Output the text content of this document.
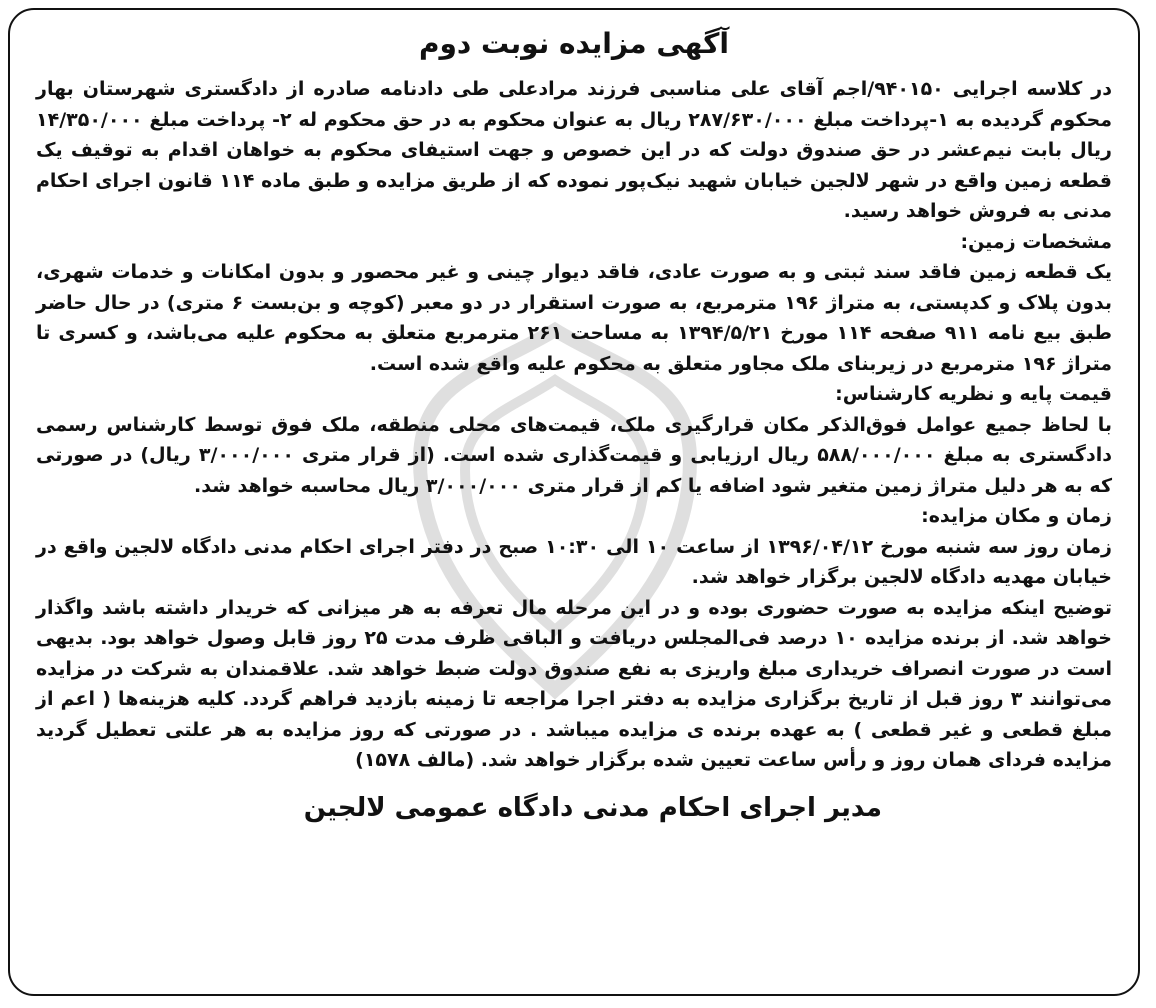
آگهی مزایده نوبت دوم

در کلاسه اجرایی ۹۴۰۱۵۰/اجم آقای علی مناسبی فرزند مرادعلی طی دادنامه صادره از دادگستری شهرستان بهار محکوم گردیده به ۱-پرداخت مبلغ ۲۸۷/۶۳۰/۰۰۰ ریال به عنوان محکوم به در حق محکوم له ۲- پرداخت مبلغ ۱۴/۳۵۰/۰۰۰ ریال بابت نیم‌عشر در حق صندوق دولت که در این خصوص و جهت استیفای محکوم به خواهان اقدام به توقیف یک قطعه زمین واقع در شهر لالجین خیابان شهید نیک‌پور نموده که از طریق مزایده و طبق ماده ۱۱۴ قانون اجرای احکام مدنی به فروش خواهد رسید.

مشخصات زمین:

یک قطعه زمین فاقد سند ثبتی و به صورت عادی، فاقد دیوار چینی و غیر محصور و بدون امکانات و خدمات شهری، بدون پلاک و کدپستی، به متراژ ۱۹۶ مترمربع، به صورت استقرار در دو معبر (کوچه و بن‌بست ۶ متری) در حال حاضر طبق بیع نامه ۹۱۱ صفحه ۱۱۴ مورخ ۱۳۹۴/۵/۲۱ به مساحت ۲۶۱ مترمربع متعلق به محکوم علیه می‌باشد، و کسری تا متراژ ۱۹۶ مترمربع در زیربنای ملک مجاور متعلق به محکوم علیه واقع شده است.

قیمت پایه و نظریه کارشناس:

با لحاظ جمیع عوامل فوق‌الذکر مکان قرارگیری ملک، قیمت‌های محلی منطقه، ملک فوق توسط کارشناس رسمی دادگستری به مبلغ ۵۸۸/۰۰۰/۰۰۰ ریال ارزیابی و قیمت‌گذاری شده است. (از قرار متری ۳/۰۰۰/۰۰۰ ریال) در صورتی که به هر دلیل متراژ زمین متغیر شود اضافه یا کم از قرار متری ۳/۰۰۰/۰۰۰ ریال محاسبه خواهد شد.

زمان و مکان مزایده:

زمان روز سه شنبه مورخ ۱۳۹۶/۰۴/۱۲ از ساعت ۱۰ الی ۱۰:۳۰ صبح در دفتر اجرای احکام مدنی دادگاه لالجین واقع در خیابان مهدیه دادگاه لالجین برگزار خواهد شد.

توضیح اینکه مزایده به صورت حضوری بوده و در این مرحله مال تعرفه به هر میزانی که خریدار داشته باشد واگذار خواهد شد. از برنده مزایده ۱۰ درصد فی‌المجلس دریافت و الباقی ظرف مدت ۲۵ روز قابل وصول خواهد بود. بدیهی است در صورت انصراف خریداری مبلغ واریزی به نفع صندوق دولت ضبط خواهد شد. علاقمندان به شرکت در مزایده می‌توانند ۳ روز قبل از تاریخ برگزاری مزایده به دفتر اجرا مراجعه تا زمینه بازدید فراهم گردد. کلیه هزینه‌ها ( اعم از مبلغ قطعی و غیر قطعی ) به عهده برنده ی مزایده میباشد . در صورتی که روز مزایده به هر علتی تعطیل گردید مزایده فردای همان روز و رأس ساعت تعیین شده برگزار خواهد شد. (مالف ۱۵۷۸)

مدیر اجرای احکام مدنی دادگاه عمومی لالجین
